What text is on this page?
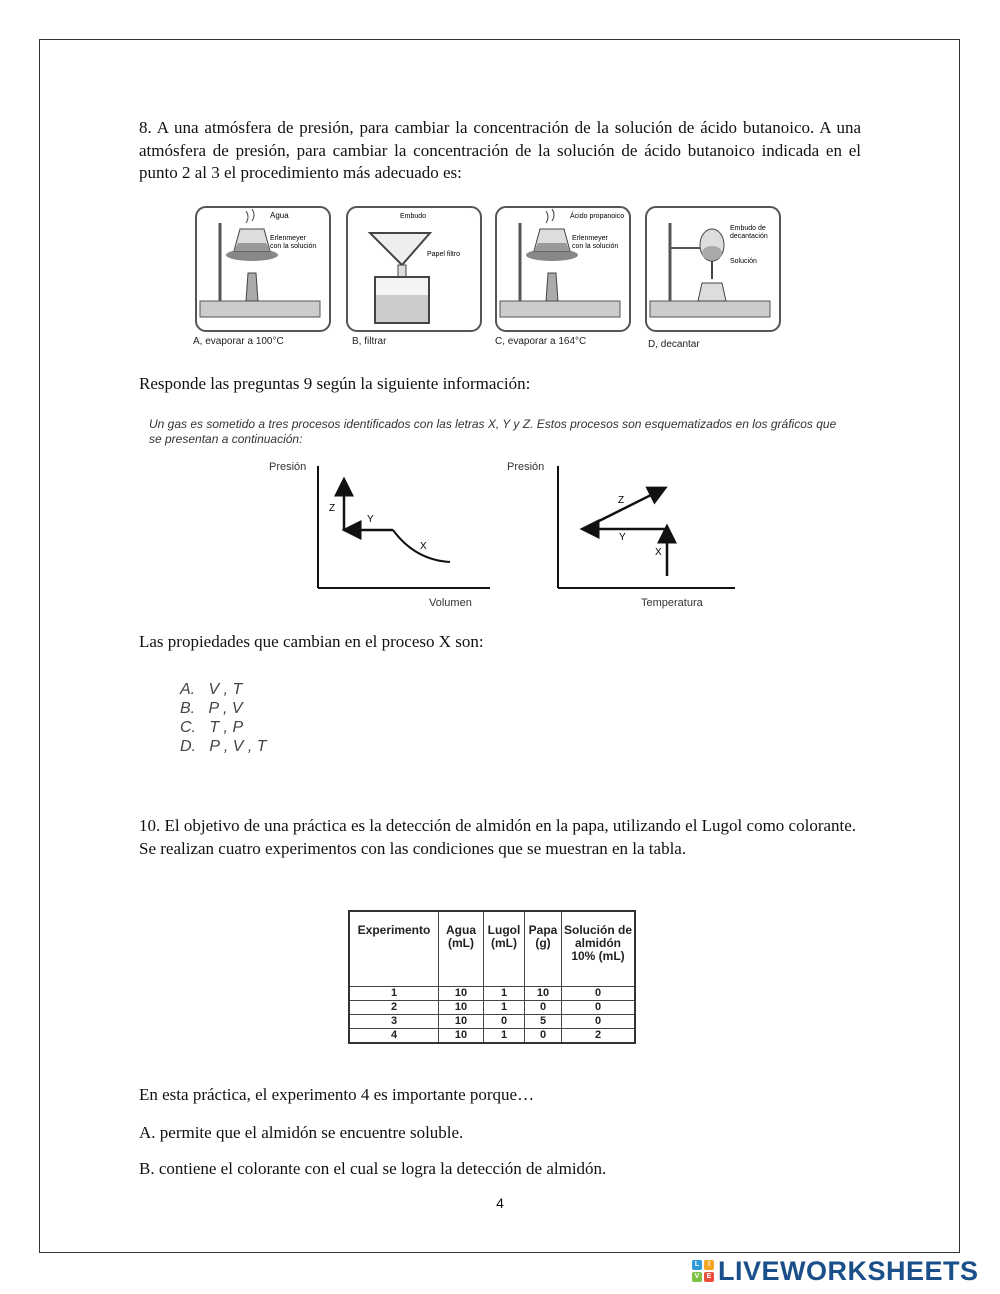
8. A una atmósfera de presión, para cambiar la concentración de la solución de ácido butanoico. A una atmósfera de presión, para cambiar la concentración de la solución de ácido butanoico indicada en el punto 2 al 3 el procedimiento más adecuado es:

Agua
Erlenmeyer
con la solución
Embudo
Papel filtro
Ácido propanoico
Erlenmeyer
con la solución
Embudo de
decantación
Solución
A, evaporar a 100°C	B, filtrar	C, evaporar a 164°C	D, decantar

Responde las preguntas 9 según la siguiente información:

Un gas es sometido a tres procesos identificados con las letras X, Y y Z. Estos procesos son esquematizados en los gráficos que se presentan a continuación:
Z
Y
X
Presión
Volumen
Z
Y
X
Presión
Temperatura

Las propiedades que cambian en el proceso X son:

A.   V , T
B.   P , V
C.   T , P
D.   P , V , T

10. El objetivo de una práctica es la detección de almidón en la papa, utilizando el Lugol como colorante. Se realizan cuatro experimentos con las condiciones que se muestran en la tabla.

Experimento	Agua (mL)	Lugol (mL)	Papa (g)	Solución de almidón 10% (mL)
1	10	1	10	0
2	10	1	0	0
3	10	0	5	0
4	10	1	0	2

En esta práctica, el experimento 4 es importante porque…

A. permite que el almidón se encuentre soluble.

B. contiene el colorante con el cual se logra la detección de almidón.

4
L	I
V	E LIVEWORKSHEETS
